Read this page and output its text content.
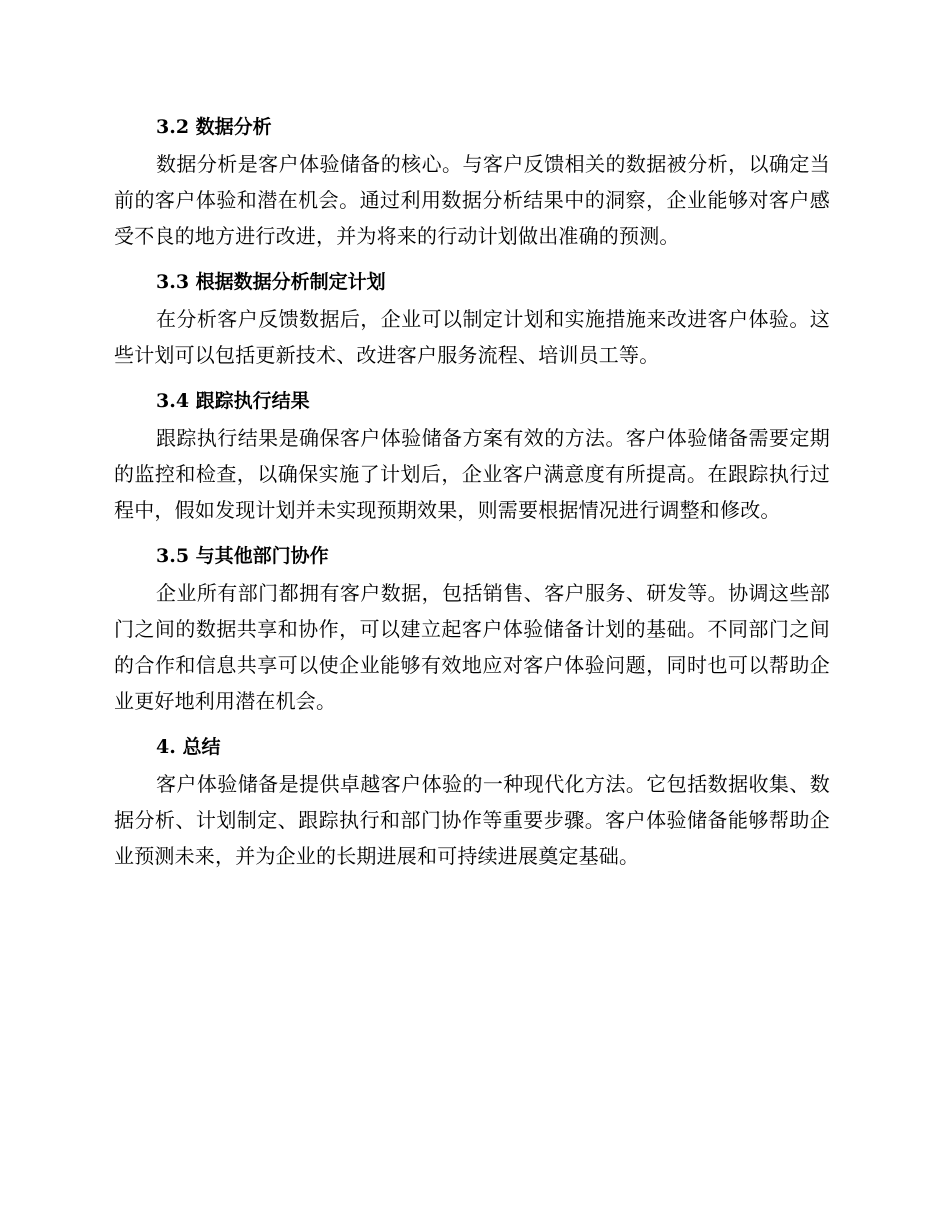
3.2 数据分析

数据分析是客户体验储备的核心。与客户反馈相关的数据被分析，以确定当前的客户体验和潜在机会。通过利用数据分析结果中的洞察，企业能够对客户感受不良的地方进行改进，并为将来的行动计划做出准确的预测。

3.3 根据数据分析制定计划

在分析客户反馈数据后，企业可以制定计划和实施措施来改进客户体验。这些计划可以包括更新技术、改进客户服务流程、培训员工等。

3.4 跟踪执行结果

跟踪执行结果是确保客户体验储备方案有效的方法。客户体验储备需要定期的监控和检查，以确保实施了计划后，企业客户满意度有所提高。在跟踪执行过程中，假如发现计划并未实现预期效果，则需要根据情况进行调整和修改。

3.5 与其他部门协作

企业所有部门都拥有客户数据，包括销售、客户服务、研发等。协调这些部门之间的数据共享和协作，可以建立起客户体验储备计划的基础。不同部门之间的合作和信息共享可以使企业能够有效地应对客户体验问题，同时也可以帮助企业更好地利用潜在机会。

4. 总结

客户体验储备是提供卓越客户体验的一种现代化方法。它包括数据收集、数据分析、计划制定、跟踪执行和部门协作等重要步骤。客户体验储备能够帮助企业预测未来，并为企业的长期进展和可持续进展奠定基础。
